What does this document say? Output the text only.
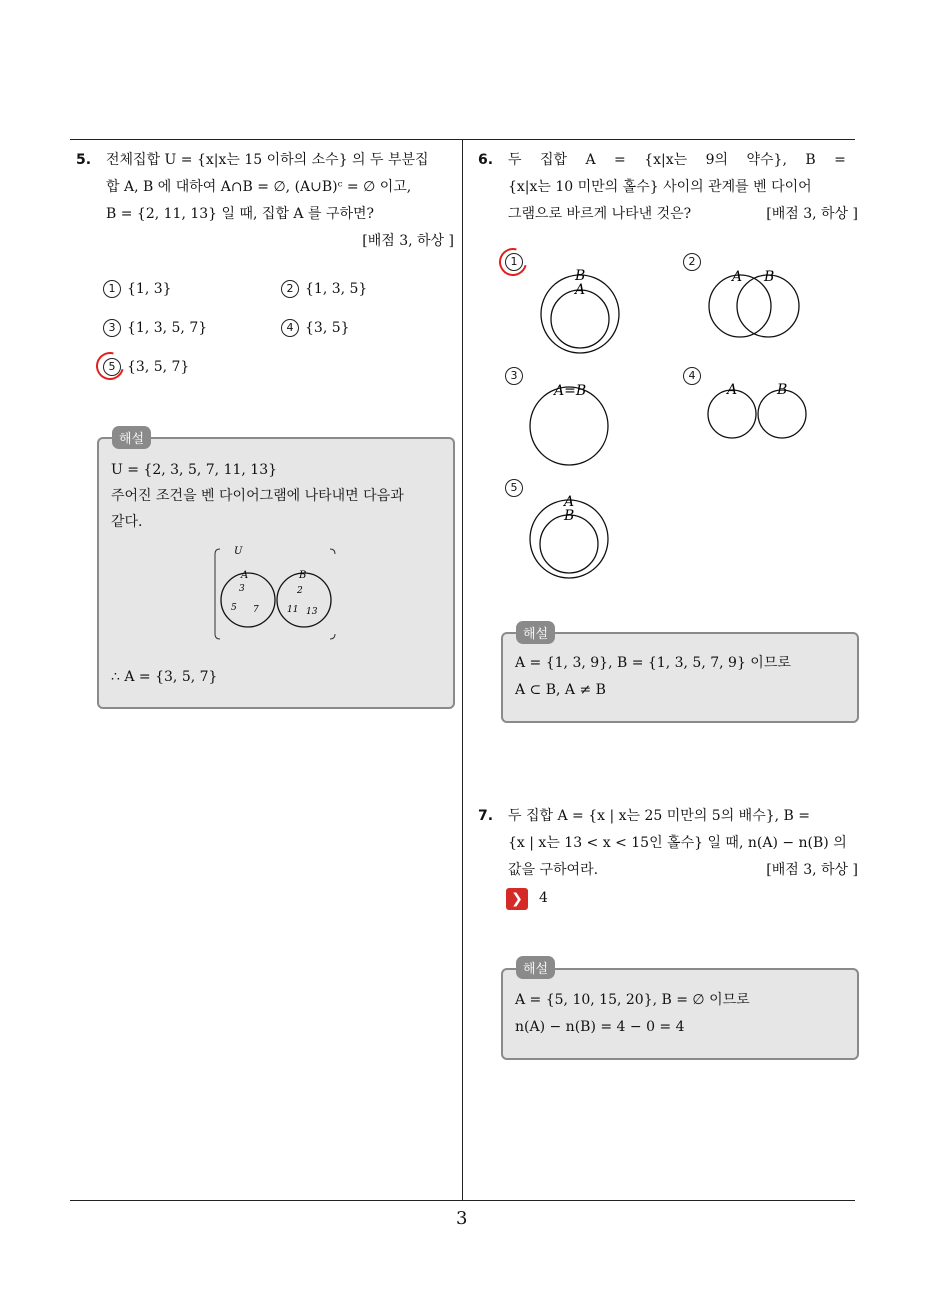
5. 전체집합 U = {x|x는 15 이하의 소수} 의 두 부분집
합 A, B 에 대하여 A∩B = ∅, (A∪B)ᶜ = ∅ 이고,
B = {2, 11, 13} 일 때, 집합 A 를 구하면?
[배점 3, 하상 ]
1 {1, 3}	2 {1, 3, 5}
3 {1, 3, 5, 7}	4 {3, 5}
5 {3, 5, 7}
U = {2, 3, 5, 7, 11, 13}
주어진 조건을 벤 다이어그램에 나타내면 다음과
같다.
U
A	B
3
5 7
2
11 13
∴ A = {3, 5, 7}
해설
6. 두 집합 A = {x|x는 9의 약수}, B =
{x|x는 10 미만의 홀수} 사이의 관계를 벤 다이어
그램으로 바르게 나타낸 것은?	[배점 3, 하상 ]
1
B
A
2
A B
3
A=B
4
A	B
5
A
B
A = {1, 3, 9}, B = {1, 3, 5, 7, 9} 이므로
A ⊂ B, A ≠ B
해설
7. 두 집합 A = {x | x는 25 미만의 5의 배수}, B =
{x | x는 13 < x < 15인 홀수} 일 때, n(A) − n(B) 의
값을 구하여라.	[배점 3, 하상 ]
❯	4
A = {5, 10, 15, 20}, B = ∅ 이므로
n(A) − n(B) = 4 − 0 = 4
해설
3
